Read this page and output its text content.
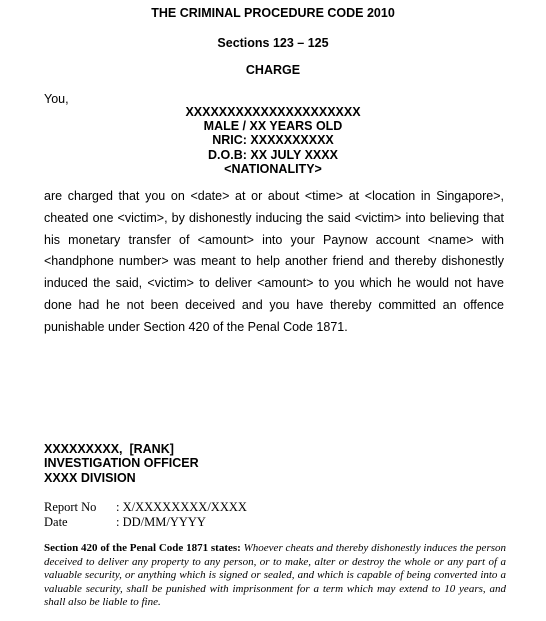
THE CRIMINAL PROCEDURE CODE 2010
Sections 123 – 125
CHARGE
You,
XXXXXXXXXXXXXXXXXXXXX
MALE / XX YEARS OLD
NRIC: XXXXXXXXXX
D.O.B: XX JULY XXXX
<NATIONALITY>

are charged that you on <date> at or about <time> at <location in Singapore>, cheated one <victim>, by dishonestly inducing the said <victim> into believing that his monetary transfer of <amount> into your Paynow account <name> with <handphone number> was meant to help another friend and thereby dishonestly induced the said, <victim> to deliver <amount> to you which he would not have done had he not been deceived and you have thereby committed an offence punishable under Section 420 of the Penal Code 1871.

XXXXXXXXX,  [RANK]
INVESTIGATION OFFICER
XXXX DIVISION
Report No	: X/XXXXXXXX/XXXX
Date	: DD/MM/YYYY

Section 420 of the Penal Code 1871 states: Whoever cheats and thereby dishonestly induces the person deceived to deliver any property to any person, or to make, alter or destroy the whole or any part of a valuable security, or anything which is signed or sealed, and which is capable of being converted into a valuable security, shall be punished with imprisonment for a term which may extend to 10 years, and shall also be liable to fine.
